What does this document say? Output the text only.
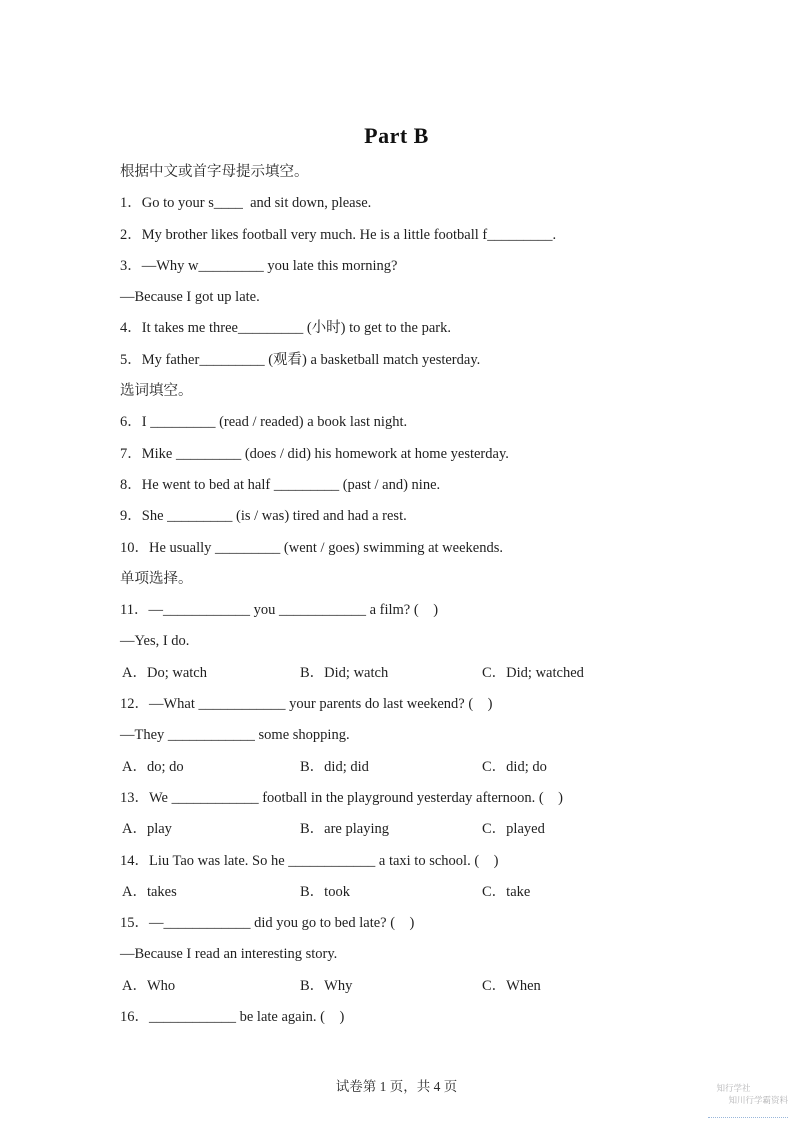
Part B
根据中文或首字母提示填空。
1．Go to your s____  and sit down, please.
2．My brother likes football very much. He is a little football f_________.
3．—Why w_________ you late this morning?
—Because I got up late.
4．It takes me three_________ (小时) to get to the park.
5．My father_________ (观看) a basketball match yesterday.
选词填空。
6．I _________ (read / readed) a book last night.
7．Mike _________ (does / did) his homework at home yesterday.
8．He went to bed at half _________ (past / and) nine.
9．She _________ (is / was) tired and had a rest.
10．He usually _________ (went / goes) swimming at weekends.
单项选择。
11．—____________ you ____________ a film? (　)
—Yes, I do.
A．Do; watch	B．Did; watch	C．Did; watched
12．—What ____________ your parents do last weekend? (　)
—They ____________ some shopping.
A．do; do	B．did; did	C．did; do
13．We ____________ football in the playground yesterday afternoon. (　)
A．play	B．are playing	C．played
14．Liu Tao was late. So he ____________ a taxi to school. (　)
A．takes	B．took	C．take
15．—____________ did you go to bed late? (　)
—Because I read an interesting story.
A．Who	B．Why	C．When
16．____________ be late again. (　)
试卷第 1 页，共 4 页	知行学社
知川行学霸资料
